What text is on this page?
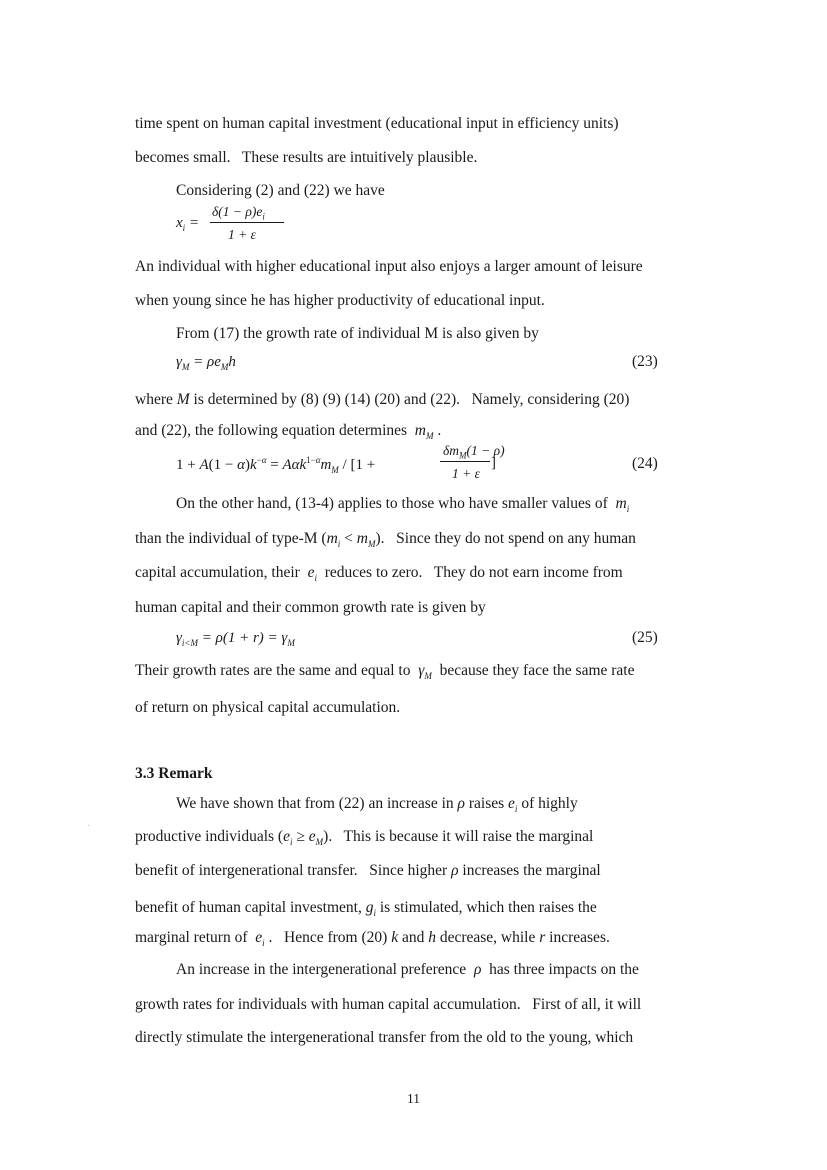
time spent on human capital investment (educational input in efficiency units)
becomes small.   These results are intuitively plausible.
Considering (2) and (22) we have
$x_i$ =
$\delta(1 - \rho)e_i$
1 + ε
An individual with higher educational input also enjoys a larger amount of leisure
when young since he has higher productivity of educational input.
From (17) the growth rate of individual M is also given by
$\gamma_M = \rho e_Mh$	(23)
where M is determined by (8) (9) (14) (20) and (22).   Namely, considering (20)
and (22), the following equation determines  $m_M$ .
$1 + A(1 - \alpha)k^{-\alpha} = A\alpha k^{1-\alpha}m_M / [1$ +
$\delta m_M(1 - \rho)$
1 + ε
]	(24)
On the other hand, (13-4) applies to those who have smaller values of  $m_i$
than the individual of type-M $(m_i < m_M)$.   Since they do not spend on any human
capital accumulation, their  $e_i$  reduces to zero.   They do not earn income from
human capital and their common growth rate is given by
$\gamma_{i<M} = \rho(1 + r) = \gamma_M$	(25)
Their growth rates are the same and equal to  $\gamma_M$  because they face the same rate
of return on physical capital accumulation.
3.3 Remark
.
We have shown that from (22) an increase in ρ raises $e_i$ of highly
productive individuals $(e_i \ge e_M)$.   This is because it will raise the marginal
benefit of intergenerational transfer.   Since higher ρ increases the marginal
benefit of human capital investment, $g_i$ is stimulated, which then raises the
marginal return of  $e_i$ .   Hence from (20) k and h decrease, while r increases.
An increase in the intergenerational preference  ρ  has three impacts on the
growth rates for individuals with human capital accumulation.   First of all, it will
directly stimulate the intergenerational transfer from the old to the young, which
11
